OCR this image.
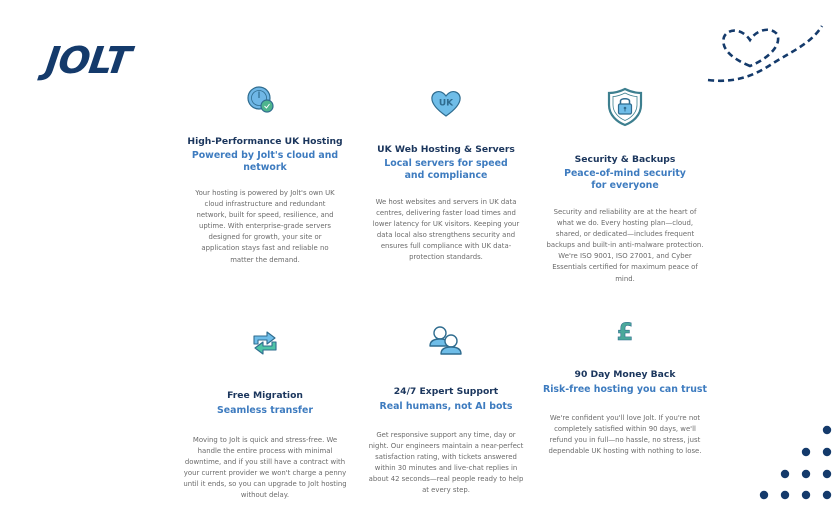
JOLT
High-Performance UK Hosting
Powered by Jolt's cloud and network
Your hosting is powered by Jolt's own UK cloud infrastructure and redundant network, built for speed, resilience, and uptime. With enterprise-grade servers designed for growth, your site or application stays fast and reliable no matter the demand.
UK
UK Web Hosting & Servers
Local servers for speed and compliance
We host websites and servers in UK data centres, delivering faster load times and lower latency for UK visitors. Keeping your data local also strengthens security and ensures full compliance with UK data-protection standards.
Security & Backups
Peace-of-mind security for everyone
Security and reliability are at the heart of what we do. Every hosting plan—cloud, shared, or dedicated—includes frequent backups and built-in anti-malware protection. We're ISO 9001, ISO 27001, and Cyber Essentials certified for maximum peace of mind.
Free Migration
Seamless transfer
Moving to Jolt is quick and stress-free. We handle the entire process with minimal downtime, and if you still have a contract with your current provider we won't charge a penny until it ends, so you can upgrade to Jolt hosting without delay.
24/7 Expert Support
Real humans, not AI bots
Get responsive support any time, day or night. Our engineers maintain a near-perfect satisfaction rating, with tickets answered within 30 minutes and live-chat replies in about 42 seconds—real people ready to help at every step.
£
90 Day Money Back
Risk-free hosting you can trust
We're confident you'll love Jolt. If you're not completely satisfied within 90 days, we'll refund you in full—no hassle, no stress, just dependable UK hosting with nothing to lose.
